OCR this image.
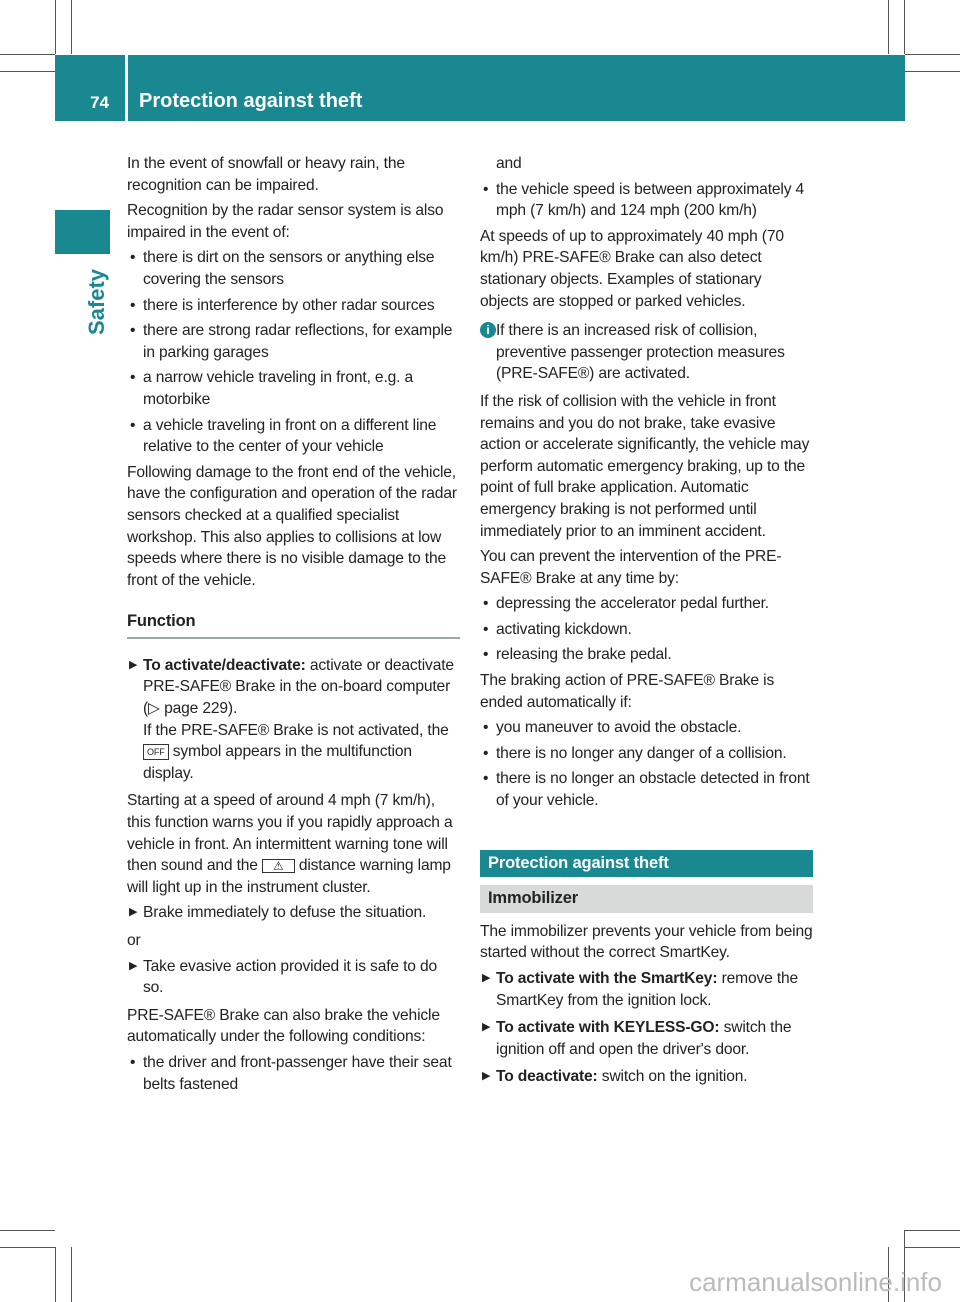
74 Protection against theft
Safety

In the event of snowfall or heavy rain, the recognition can be impaired.

Recognition by the radar sensor system is also impaired in the event of:

• there is dirt on the sensors or anything else covering the sensors
• there is interference by other radar sources
• there are strong radar reflections, for example in parking garages
• a narrow vehicle traveling in front, e.g. a motorbike
• a vehicle traveling in front on a different line relative to the center of your vehicle

Following damage to the front end of the vehicle, have the configuration and operation of the radar sensors checked at a qualified specialist workshop. This also applies to collisions at low speeds where there is no visible damage to the front of the vehicle.

Function
▶ To activate/deactivate: activate or deactivate PRE-SAFE® Brake in the on-board computer (▷ page 229).
If the PRE-SAFE® Brake is not activated, the OFF symbol appears in the multifunction display.

Starting at a speed of around 4 mph (7 km/h), this function warns you if you rapidly approach a vehicle in front. An intermittent warning tone will then sound and the ⚠ distance warning lamp will light up in the instrument cluster.

▶ Brake immediately to defuse the situation.

or

▶ Take evasive action provided it is safe to do so.

PRE-SAFE® Brake can also brake the vehicle automatically under the following conditions:

• the driver and front-passenger have their seat belts fastened

and

• the vehicle speed is between approximately 4 mph (7 km/h) and 124 mph (200 km/h)

At speeds of up to approximately 40 mph (70 km/h) PRE-SAFE® Brake can also detect stationary objects. Examples of stationary objects are stopped or parked vehicles.

i If there is an increased risk of collision, preventive passenger protection measures (PRE-SAFE®) are activated.

If the risk of collision with the vehicle in front remains and you do not brake, take evasive action or accelerate significantly, the vehicle may perform automatic emergency braking, up to the point of full brake application. Automatic emergency braking is not performed until immediately prior to an imminent accident.

You can prevent the intervention of the PRE-SAFE® Brake at any time by:

• depressing the accelerator pedal further.
• activating kickdown.
• releasing the brake pedal.

The braking action of PRE-SAFE® Brake is ended automatically if:

• you maneuver to avoid the obstacle.
• there is no longer any danger of a collision.
• there is no longer an obstacle detected in front of your vehicle.
Protection against theft
Immobilizer

The immobilizer prevents your vehicle from being started without the correct SmartKey.

▶ To activate with the SmartKey: remove the SmartKey from the ignition lock.
▶ To activate with KEYLESS-GO: switch the ignition off and open the driver's door.
▶ To deactivate: switch on the ignition.
carmanualsonline.info
